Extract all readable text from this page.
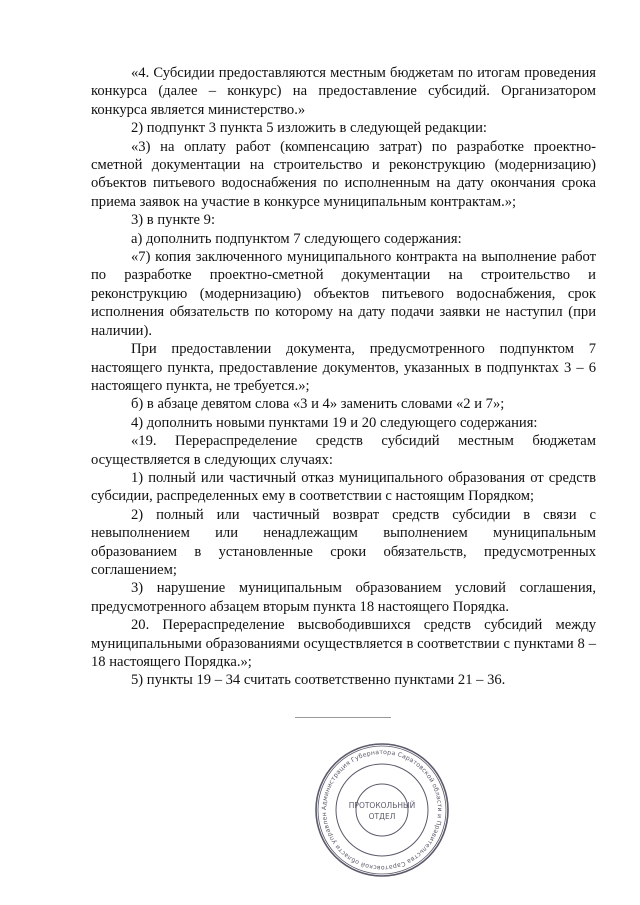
«4. Субсидии предоставляются местным бюджетам по итогам проведения конкурса (далее – конкурс) на предоставление субсидий. Организатором конкурса является министерство.»

2) подпункт 3 пункта 5 изложить в следующей редакции:

«3) на оплату работ (компенсацию затрат) по разработке проектно-сметной документации на строительство и реконструкцию (модернизацию) объектов питьевого водоснабжения по исполненным на дату окончания срока приема заявок на участие в конкурсе муниципальным контрактам.»;

3) в пункте 9:

а) дополнить подпунктом 7 следующего содержания:

«7) копия заключенного муниципального контракта на выполнение работ по разработке проектно-сметной документации на строительство и реконструкцию (модернизацию) объектов питьевого водоснабжения, срок исполнения обязательств по которому на дату подачи заявки не наступил (при наличии).

При предоставлении документа, предусмотренного подпунктом 7 настоящего пункта, предоставление документов, указанных в подпунктах 3 – 6 настоящего пункта, не требуется.»;

б) в абзаце девятом слова «3 и 4» заменить словами «2 и 7»;

4) дополнить новыми пунктами 19 и 20 следующего содержания:

«19. Перераспределение средств субсидий местным бюджетам осуществляется в следующих случаях:

1) полный или частичный отказ муниципального образования от средств субсидии, распределенных ему в соответствии с настоящим Порядком;

2) полный или частичный возврат средств субсидии в связи с невыполнением или ненадлежащим выполнением муниципальным образованием в установленные сроки обязательств, предусмотренных соглашением;

3) нарушение муниципальным образованием условий соглашения, предусмотренного абзацем вторым пункта 18 настоящего Порядка.

20. Перераспределение высвободившихся средств субсидий между муниципальными образованиями осуществляется в соответствии с пунктами 8 – 18 настоящего Порядка.»;

5) пункты 19 – 34 считать соответственно пунктами 21 – 36.

Администрация Губернатора Саратовской области и Правительства Саратовской области управлен
ПРОТОКОЛЬНЫЙ
ОТДЕЛ
